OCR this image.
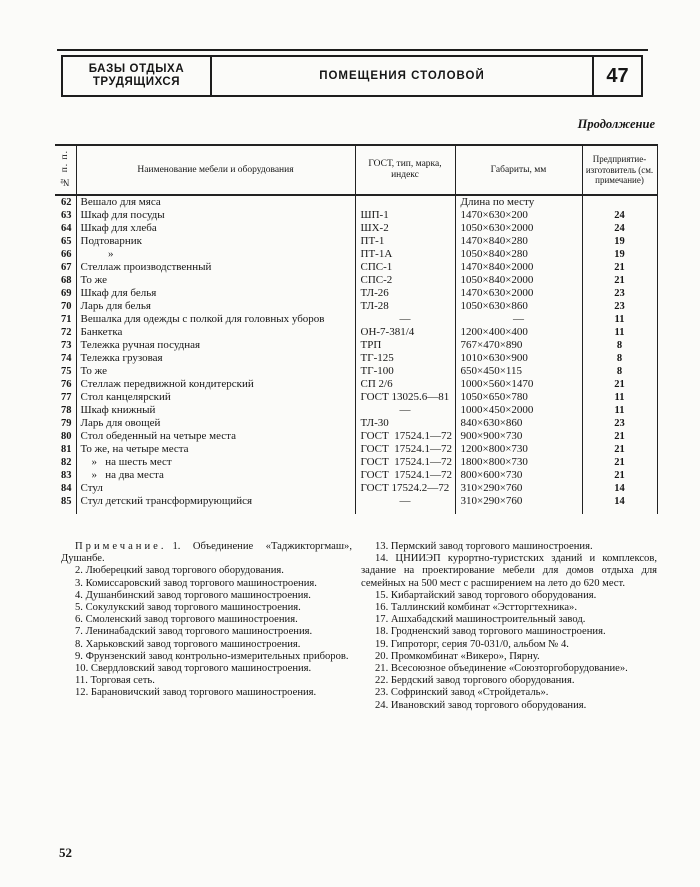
БАЗЫ ОТДЫХА
ТРУДЯЩИХСЯ	ПОМЕЩЕНИЯ СТОЛОВОЙ	47
Продолжение
№ п. п.	Наименование мебели и оборудования	ГОСТ, тип, марка, индекс	Габариты, мм	Предприятие-изготовитель (см. примечание)
62	Вешало для мяса		Длина по месту	
63	Шкаф для посуды	ШП-1	1470×630×200	24
64	Шкаф для хлеба	ШХ-2	1050×630×2000	24
65	Подтоварник	ПТ-1	1470×840×280	19
66	»	ПТ-1А	1050×840×280	19
67	Стеллаж производственный	СПС-1	1470×840×2000	21
68	То же	СПС-2	1050×840×2000	21
69	Шкаф для белья	ТЛ-26	1470×630×2000	23
70	Ларь для белья	ТЛ-28	1050×630×860	23
71	Вешалка для одежды с полкой для головных уборов	—	—	11
72	Банкетка	ОН-7-381/4	1200×400×400	11
73	Тележка ручная посудная	ТРП	767×470×890	8
74	Тележка грузовая	ТГ-125	1010×630×900	8
75	То же	ТГ-100	650×450×115	8
76	Стеллаж передвижной кондитерский	СП 2/6	1000×560×1470	21
77	Стол канцелярский	ГОСТ 13025.6—81	1050×650×780	11
78	Шкаф книжный	—	1000×450×2000	11
79	Ларь для овощей	ТЛ-30	840×630×860	23
80	Стол обеденный на четыре места	ГОСТ  17524.1—72	900×900×730	21
81	То же, на четыре места	ГОСТ  17524.1—72	1200×800×730	21
82	»   на шесть мест	ГОСТ  17524.1—72	1800×800×730	21
83	»   на два места	ГОСТ  17524.1—72	800×600×730	21
84	Стул	ГОСТ 17524.2—72	310×290×760	14
85	Стул детский трансформирующийся	—	310×290×760	14

Примечание. 1. Объединение «Таджикторгмаш», Душанбе.

2. Люберецкий завод торгового оборудования.

3. Комиссаровский завод торгового машиностроения.

4. Душанбинский завод торгового машиностроения.

5. Сокулукский завод торгового машиностроения.

6. Смоленский завод торгового машиностроения.

7. Ленинабадский завод торгового машиностроения.

8. Харьковский завод торгового машиностроения.

9. Фрунзенский завод контрольно-измерительных приборов.

10. Свердловский завод торгового машиностроения.

11. Торговая сеть.

12. Барановичский завод торгового машиностроения.

13. Пермский завод торгового машиностроения.

14. ЦНИИЭП курортно-туристских зданий и комплексов, задание на проектирование мебели для домов отдыха для семейных на 500 мест с расширением на лето до 620 мест.

15. Кибартайский завод торгового оборудования.

16. Таллинский комбинат «Эстторгтехника».

17. Ашхабадский машиностроительный завод.

18. Гродненский завод торгового машиностроения.

19. Гипроторг, серия 70-031/0, альбом № 4.

20. Промкомбинат «Викеро», Пярну.

21. Всесоюзное объединение «Союзторгоборудование».

22. Бердский завод торгового оборудования.

23. Софринский завод «Стройдеталь».

24. Ивановский завод торгового оборудования.

52
